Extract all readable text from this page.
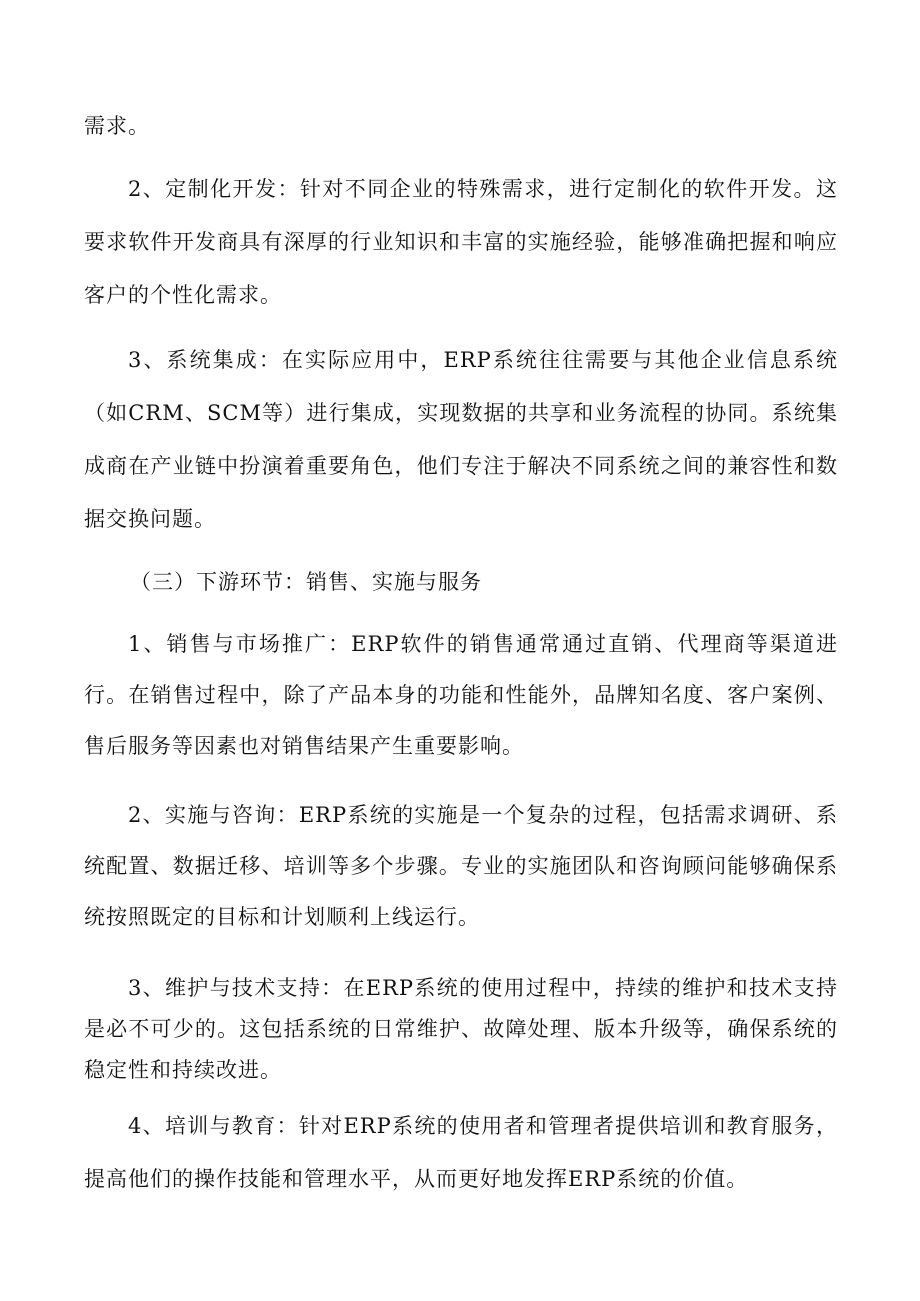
需求。

2、定制化开发：针对不同企业的特殊需求，进行定制化的软件开发。这要求软件开发商具有深厚的行业知识和丰富的实施经验，能够准确把握和响应客户的个性化需求。

3、系统集成：在实际应用中，ERP系统往往需要与其他企业信息系统（如CRM、SCM等）进行集成，实现数据的共享和业务流程的协同。系统集成商在产业链中扮演着重要角色，他们专注于解决不同系统之间的兼容性和数据交换问题。

（三）下游环节：销售、实施与服务

1、销售与市场推广：ERP软件的销售通常通过直销、代理商等渠道进行。在销售过程中，除了产品本身的功能和性能外，品牌知名度、客户案例、售后服务等因素也对销售结果产生重要影响。

2、实施与咨询：ERP系统的实施是一个复杂的过程，包括需求调研、系统配置、数据迁移、培训等多个步骤。专业的实施团队和咨询顾问能够确保系统按照既定的目标和计划顺利上线运行。

3、维护与技术支持：在ERP系统的使用过程中，持续的维护和技术支持是必不可少的。这包括系统的日常维护、故障处理、版本升级等，确保系统的稳定性和持续改进。

4、培训与教育：针对ERP系统的使用者和管理者提供培训和教育服务，提高他们的操作技能和管理水平，从而更好地发挥ERP系统的价值。
